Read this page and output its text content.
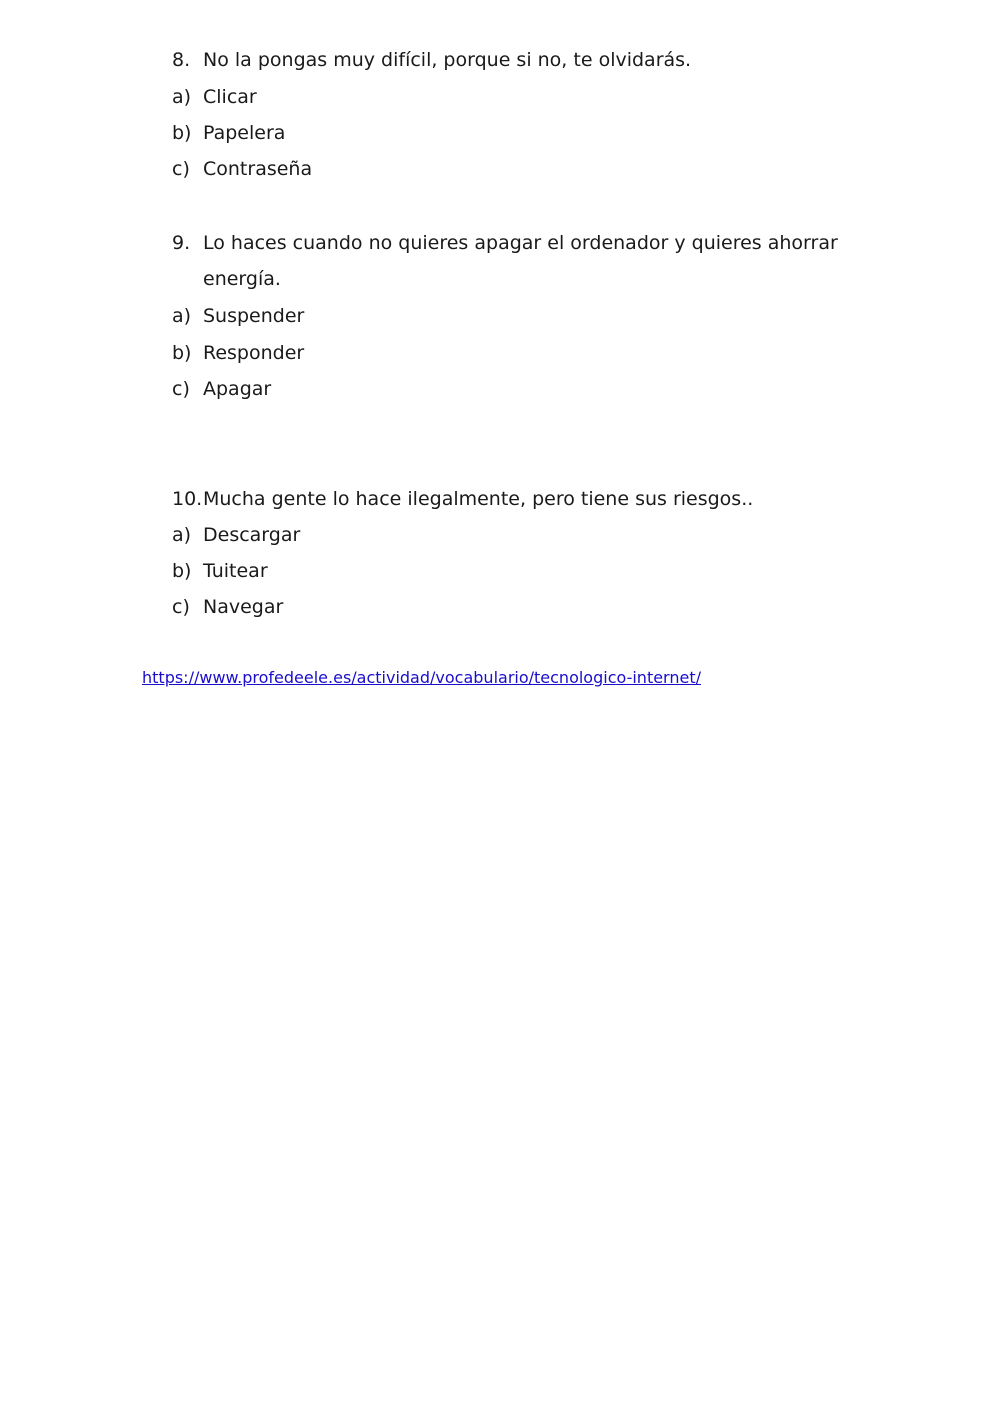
8. No la pongas muy difícil, porque si no, te olvidarás.
a) Clicar
b) Papelera
c) Contraseña
9. Lo haces cuando no quieres apagar el ordenador y quieres ahorrar
energía.
a) Suspender
b) Responder
c) Apagar
10.Mucha gente lo hace ilegalmente, pero tiene sus riesgos..
a) Descargar
b) Tuitear
c) Navegar
https://www.profedeele.es/actividad/vocabulario/tecnologico-internet/
